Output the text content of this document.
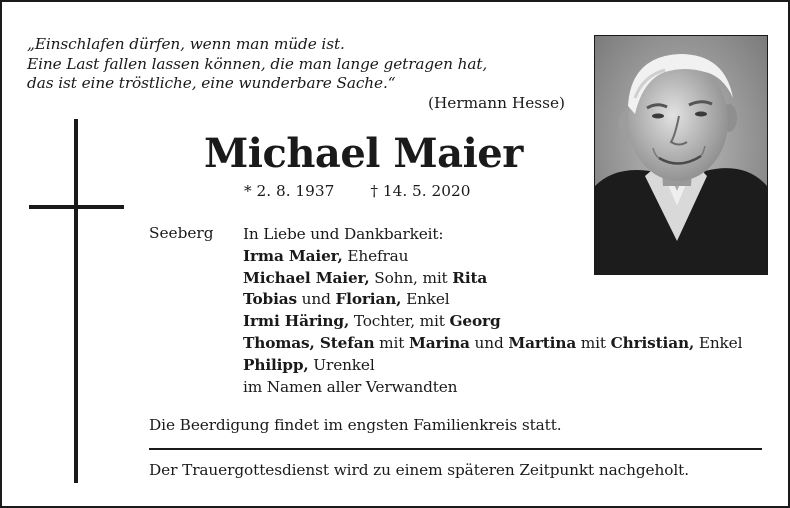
„Einschlafen dürfen, wenn man müde ist.
Eine Last fallen lassen können, die man lange getragen hat,
das ist eine tröstliche, eine wunderbare Sache.“
(Hermann Hesse)
Michael Maier
* 2. 8. 1937 † 14. 5. 2020
Seeberg In Liebe und Dankbarkeit:
Irma Maier, Ehefrau
Michael Maier, Sohn, mit Rita
Tobias und Florian, Enkel
Irmi Häring, Tochter, mit Georg
Thomas, Stefan mit Marina und Martina mit Christian, Enkel
Philipp, Urenkel
im Namen aller Verwandten
Die Beerdigung findet im engsten Familienkreis statt.
Der Trauergottesdienst wird zu einem späteren Zeitpunkt nachgeholt.
